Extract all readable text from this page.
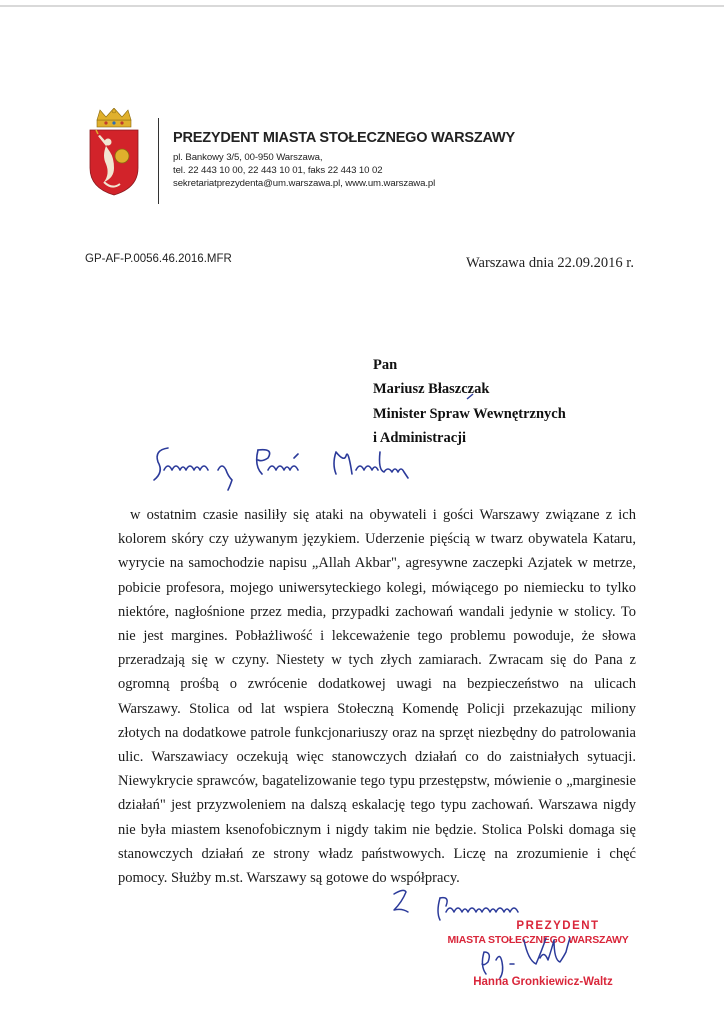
PREZYDENT MIASTA STOŁECZNEGO WARSZAWY
pl. Bankowy 3/5, 00-950 Warszawa,
tel. 22 443 10 00, 22 443 10 01, faks 22 443 10 02
sekretariatprezydenta@um.warszawa.pl, www.um.warszawa.pl
GP-AF-P.0056.46.2016.MFR	Warszawa dnia 22.09.2016 r.
Pan
Mariusz Błaszczak
Minister Spraw Wewnętrznych
i Administracji

w ostatnim czasie nasiliły się ataki na obywateli i gości Warszawy związane z ich kolorem skóry czy używanym językiem. Uderzenie pięścią w twarz obywatela Kataru, wyrycie na samochodzie napisu „Allah Akbar", agresywne zaczepki Azjatek w metrze, pobicie profesora, mojego uniwersyteckiego kolegi, mówiącego po niemiecku to tylko niektóre, nagłośnione przez media, przypadki zachowań wandali jedynie w stolicy. To nie jest margines. Pobłażliwość i lekceważenie tego problemu powoduje, że słowa przeradzają się w czyny. Niestety w tych złych zamiarach. Zwracam się do Pana z ogromną prośbą o zwrócenie dodatkowej uwagi na bezpieczeństwo na ulicach Warszawy. Stolica od lat wspiera Stołeczną Komendę Policji przekazując miliony złotych na dodatkowe patrole funkcjonariuszy oraz na sprzęt niezbędny do patrolowania ulic. Warszawiacy oczekują więc stanowczych działań co do zaistniałych sytuacji. Niewykrycie sprawców, bagatelizowanie tego typu przestępstw, mówienie o „marginesie działań" jest przyzwoleniem na dalszą eskalację tego typu zachowań. Warszawa nigdy nie była miastem ksenofobicznym i nigdy takim nie będzie. Stolica Polski domaga się stanowczych działań ze strony władz państwowych. Liczę na zrozumienie i chęć pomocy. Służby m.st. Warszawy są gotowe do współpracy.

PREZYDENT
MIASTA STOŁECZNEGO WARSZAWY
Hanna Gronkiewicz-Waltz
